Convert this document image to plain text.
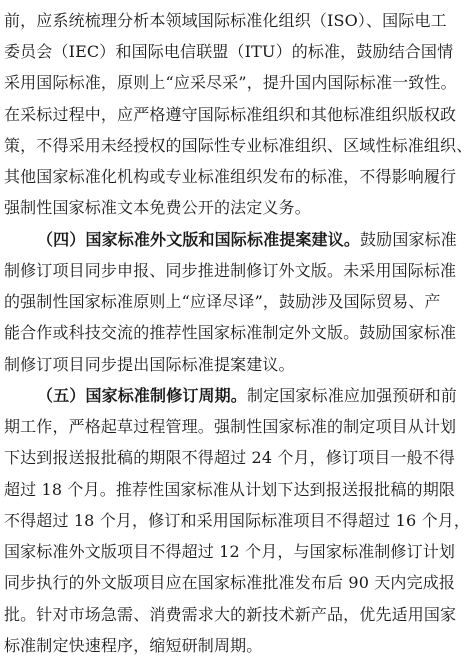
前，应系统梳理分析本领域国际标准化组织（ISO）、国际电工
委员会（IEC）和国际电信联盟（ITU）的标准，鼓励结合国情
采用国际标准，原则上“应采尽采”，提升国内国际标准一致性。
在采标过程中，应严格遵守国际标准组织和其他标准组织版权政
策，不得采用未经授权的国际性专业标准组织、区域性标准组织、
其他国家标准化机构或专业标准组织发布的标准，不得影响履行
强制性国家标准文本免费公开的法定义务。
（四）国家标准外文版和国际标准提案建议。鼓励国家标准
制修订项目同步申报、同步推进制修订外文版。未采用国际标准
的强制性国家标准原则上“应译尽译”，鼓励涉及国际贸易、产
能合作或科技交流的推荐性国家标准制定外文版。鼓励国家标准
制修订项目同步提出国际标准提案建议。
（五）国家标准制修订周期。制定国家标准应加强预研和前
期工作，严格起草过程管理。强制性国家标准的制定项目从计划
下达到报送报批稿的期限不得超过 24 个月，修订项目一般不得
超过 18 个月。推荐性国家标准从计划下达到报送报批稿的期限
不得超过 18 个月，修订和采用国际标准项目不得超过 16 个月，
国家标准外文版项目不得超过 12 个月，与国家标准制修订计划
同步执行的外文版项目应在国家标准批准发布后 90 天内完成报
批。针对市场急需、消费需求大的新技术新产品，优先适用国家
标准制定快速程序，缩短研制周期。
